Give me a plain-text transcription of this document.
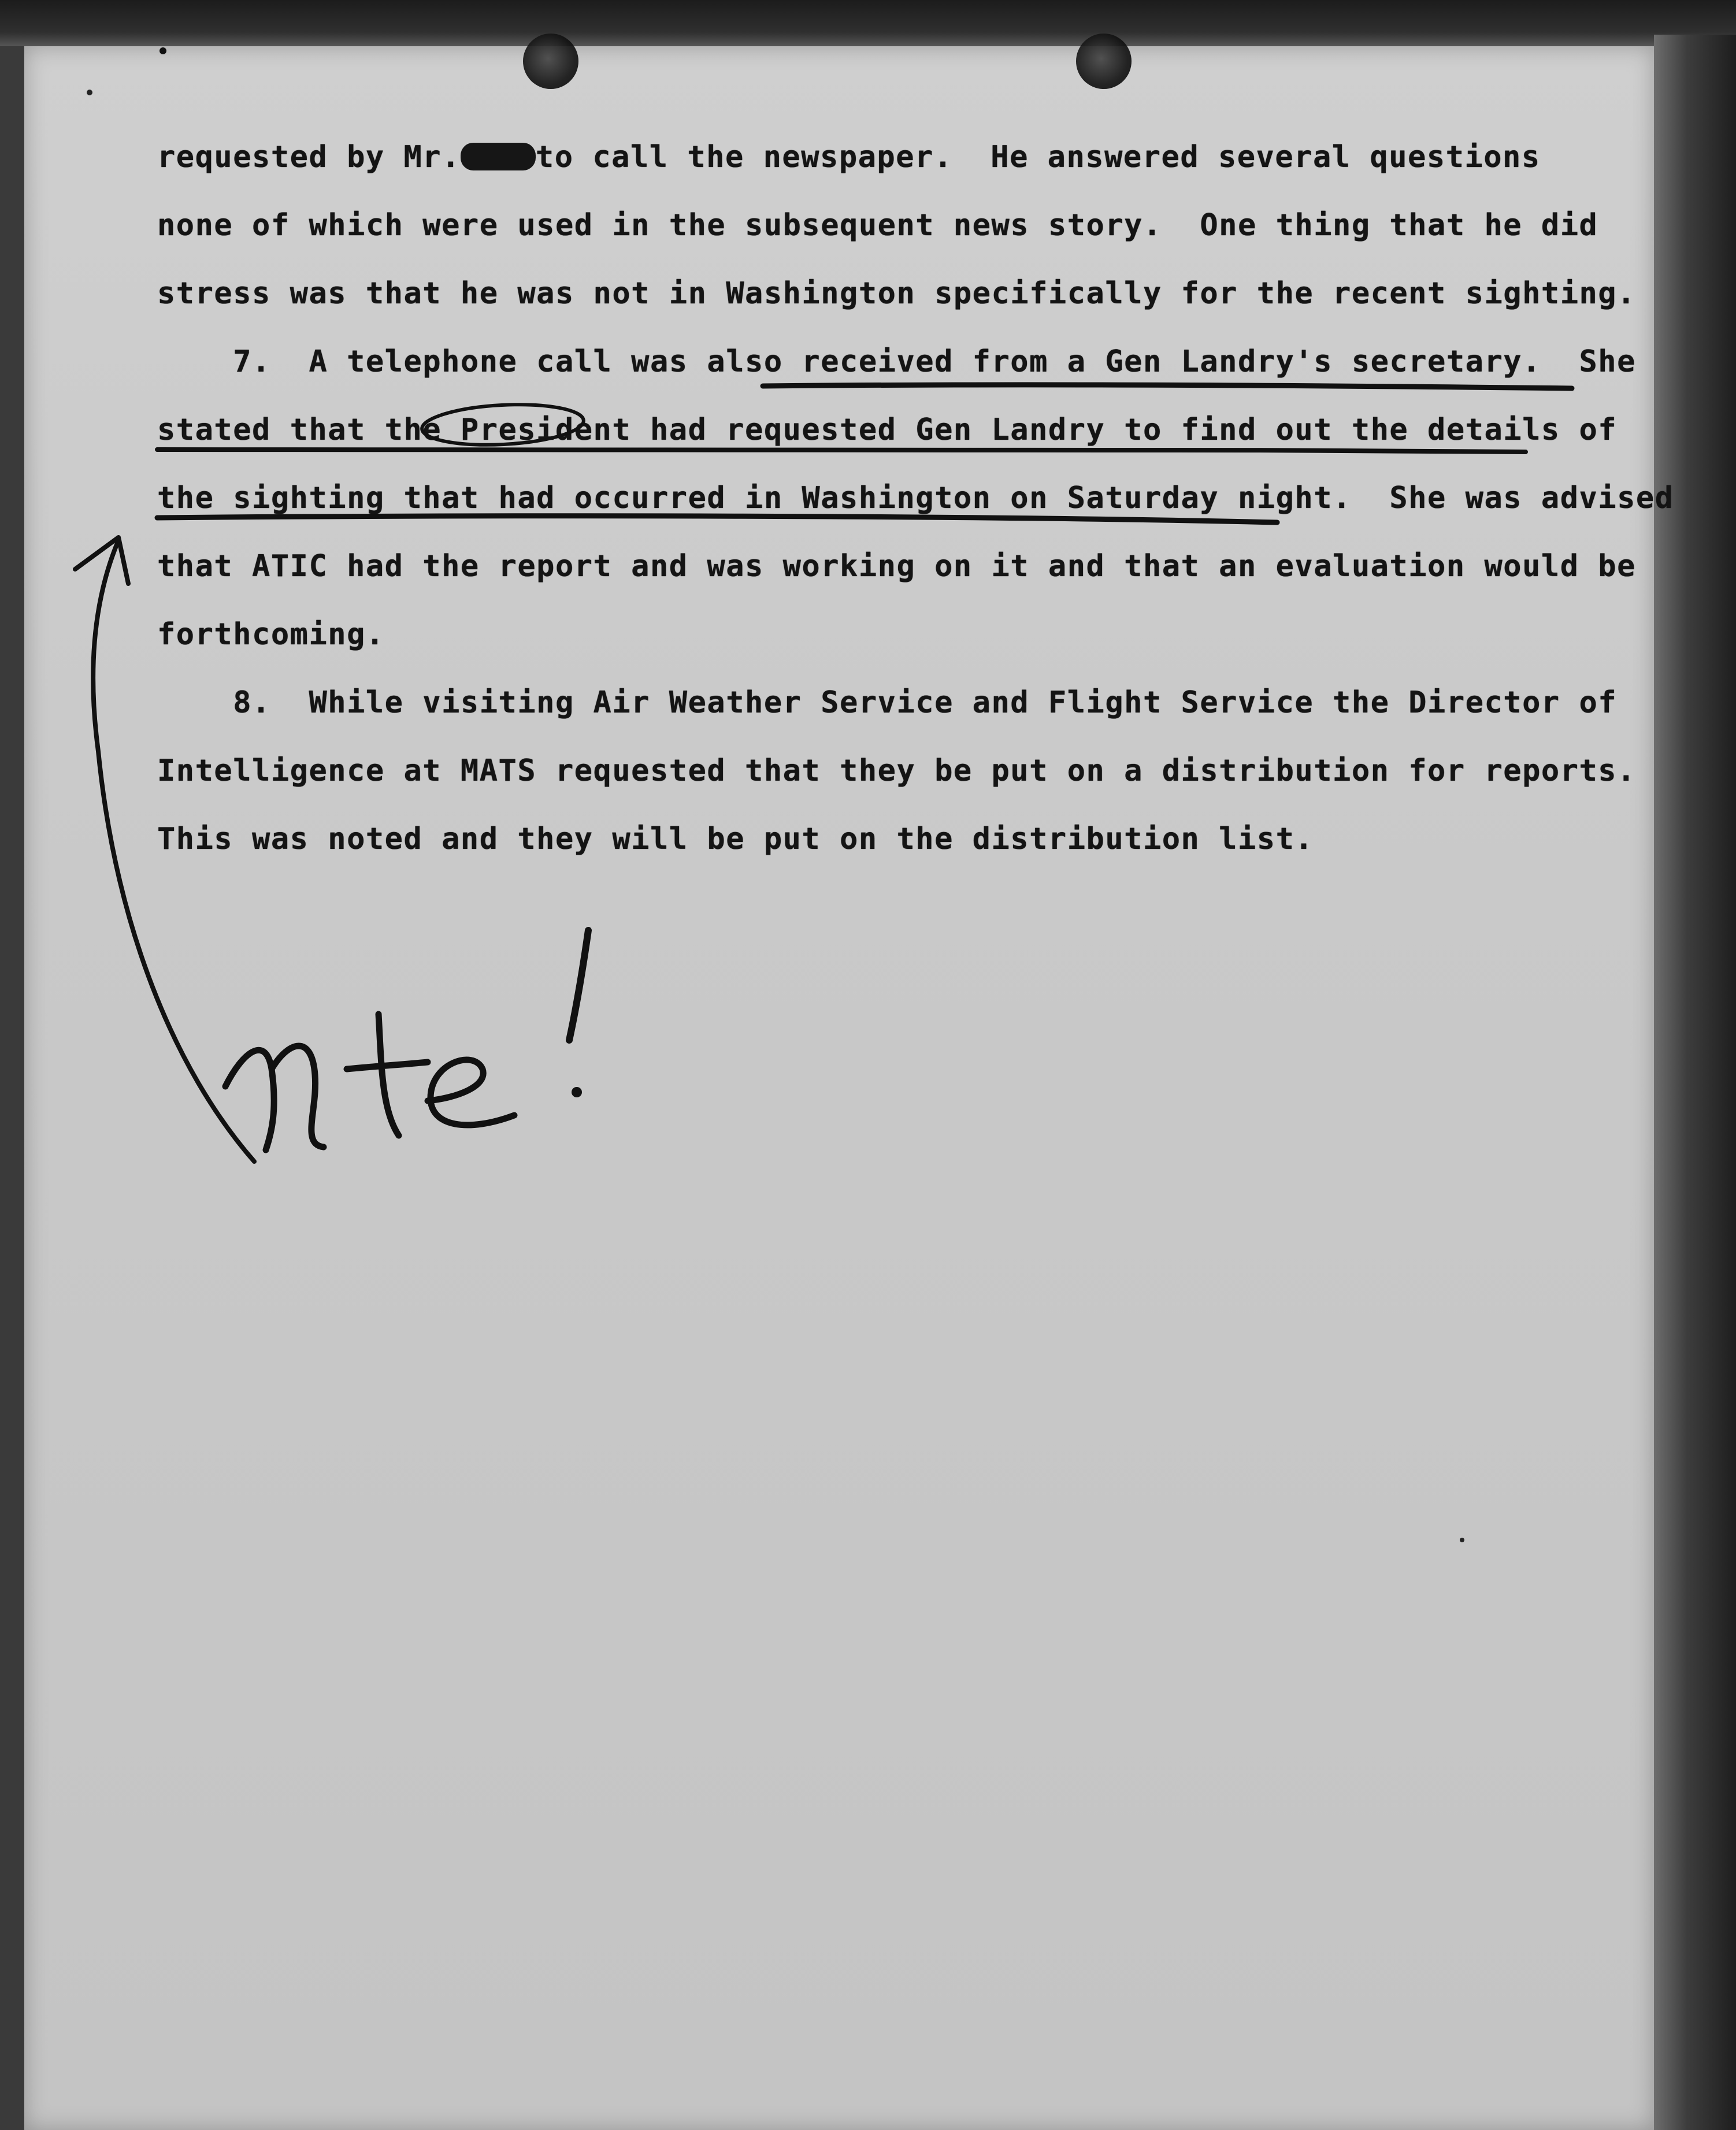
requested by Mr.	to call the newspaper.  He answered several questions
none of which were used in the subsequent news story.  One thing that he did
stress was that he was not in Washington specifically for the recent sighting.
7.  A telephone call was also received from a Gen Landry's secretary.  She
stated that the President had requested Gen Landry to find out the details of
the sighting that had occurred in Washington on Saturday night.  She was advised
that ATIC had the report and was working on it and that an evaluation would be
forthcoming.
8.  While visiting Air Weather Service and Flight Service the Director of
Intelligence at MATS requested that they be put on a distribution for reports.
This was noted and they will be put on the distribution list.
